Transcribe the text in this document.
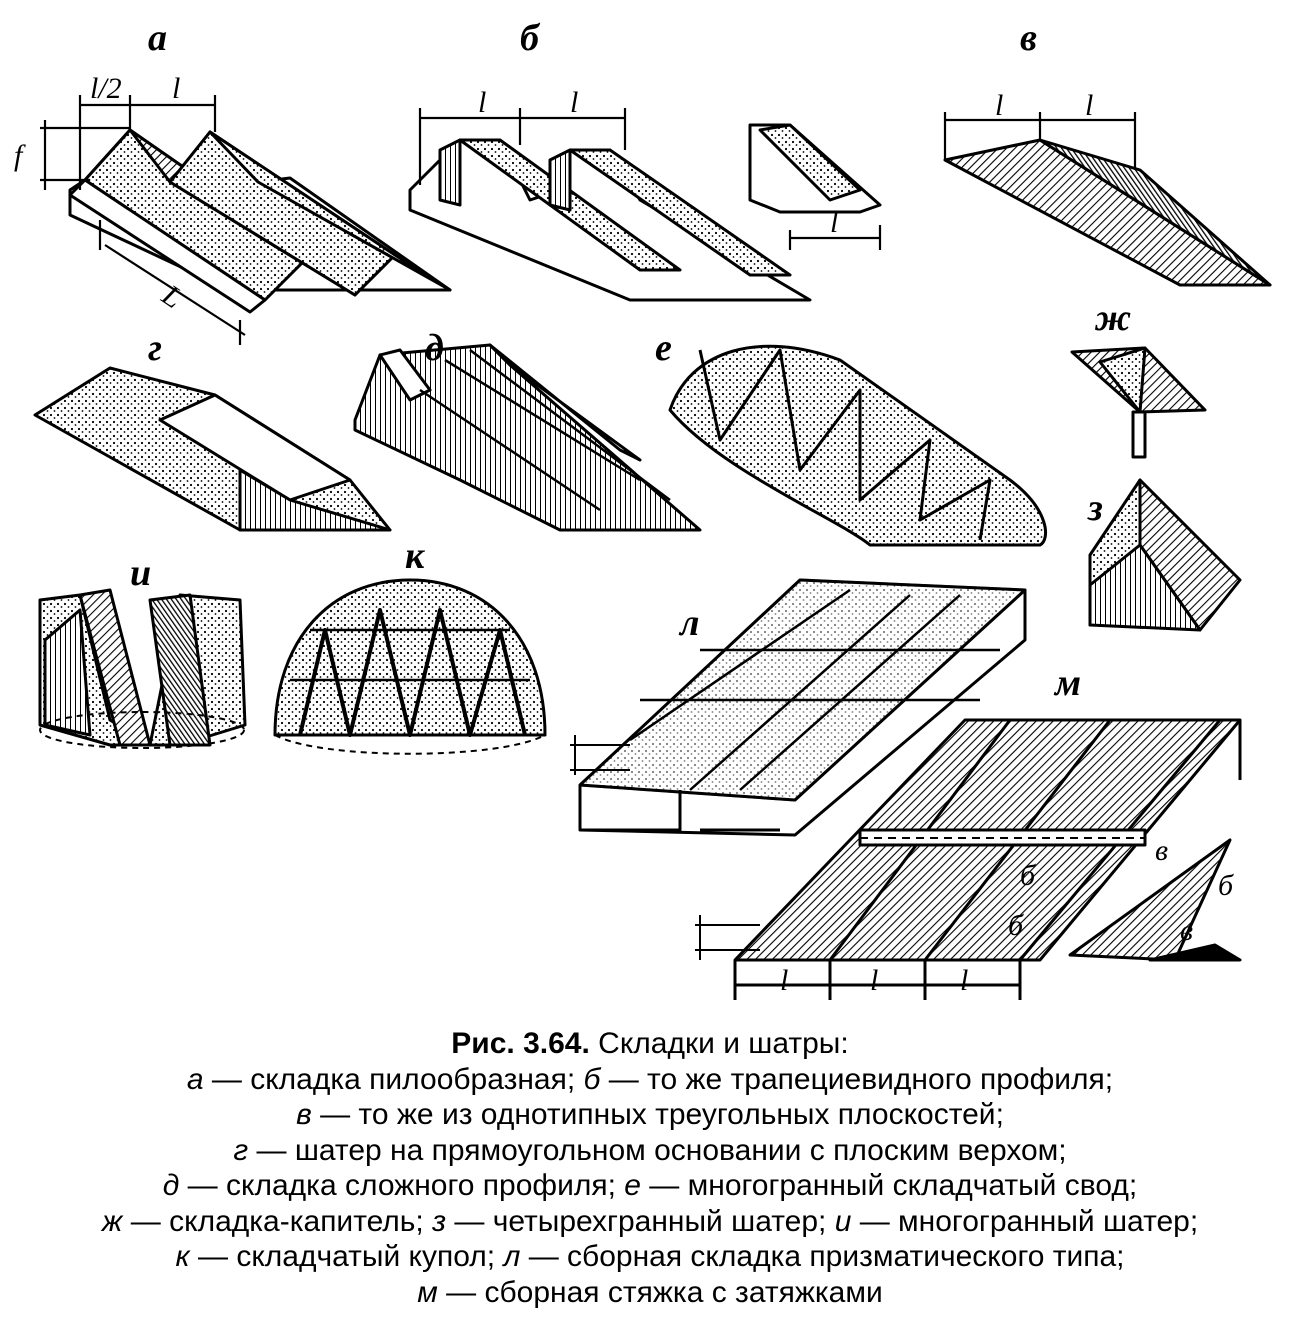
а
l/2 l
f
L
б
l	l
l
в
l	l
г	д	е
ж
з
и	к
л
м
l	l	l
б
б
в
б
в
Рис. 3.64. Складки и шатры:
а — складка пилообразная; б — то же трапециевидного профиля;
в — то же из однотипных треугольных плоскостей;
г — шатер на прямоугольном основании с плоским верхом;
д — складка сложного профиля; е — многогранный складчатый свод;
ж — складка-капитель; з — четырехгранный шатер; и — многогранный шатер;
к — складчатый купол; л — сборная складка призматического типа;
м — сборная стяжка с затяжками
